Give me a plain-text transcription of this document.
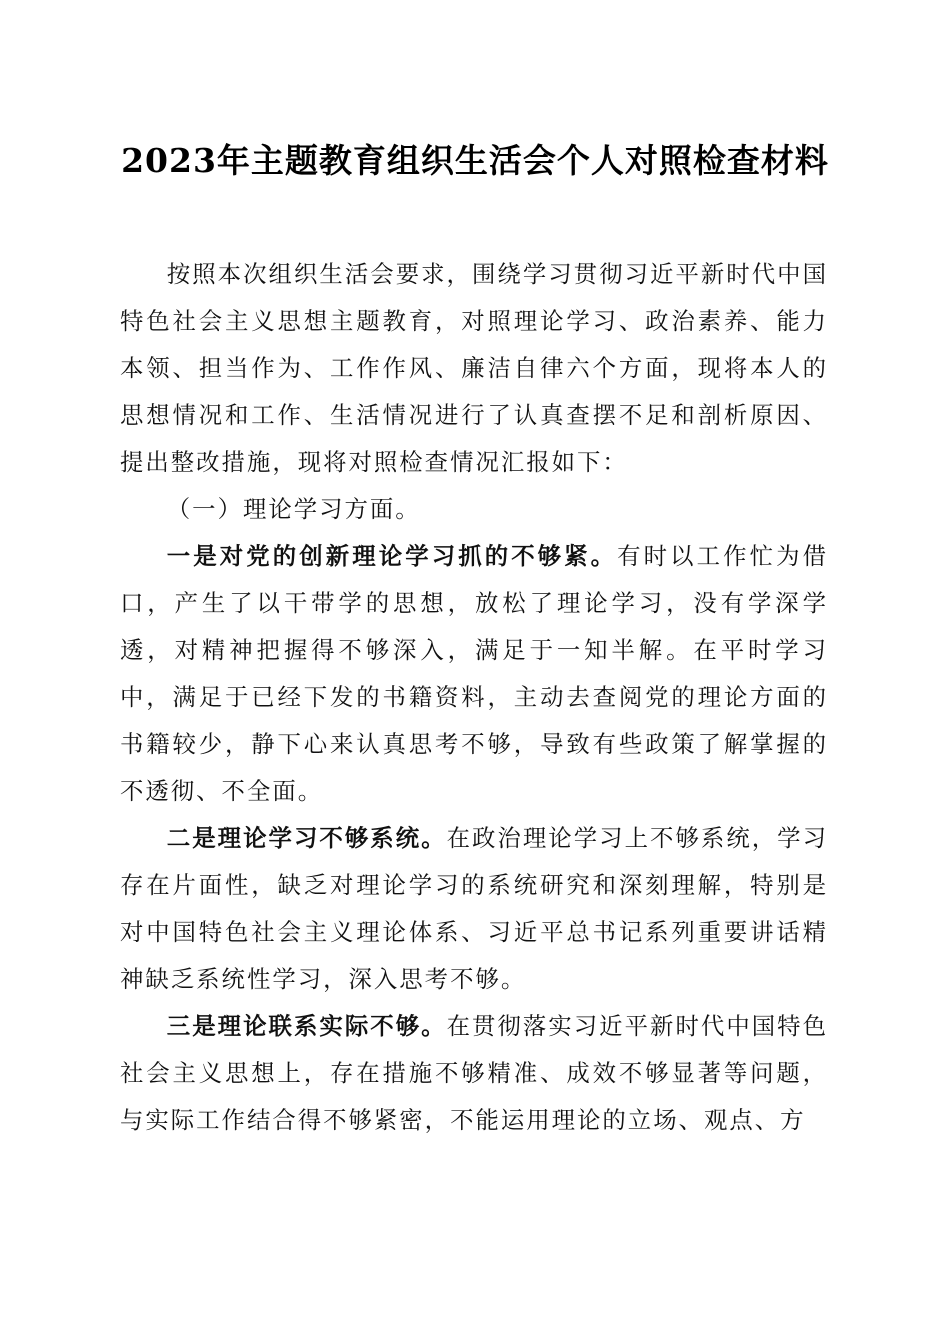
2023年主题教育组织生活会个人对照检查材料

按照本次组织生活会要求，围绕学习贯彻习近平新时代中国特色社会主义思想主题教育，对照理论学习、政治素养、能力本领、担当作为、工作作风、廉洁自律六个方面，现将本人的思想情况和工作、生活情况进行了认真查摆不足和剖析原因、提出整改措施，现将对照检查情况汇报如下：

（一）理论学习方面。

一是对党的创新理论学习抓的不够紧。有时以工作忙为借口，产生了以干带学的思想，放松了理论学习，没有学深学透，对精神把握得不够深入，满足于一知半解。在平时学习中，满足于已经下发的书籍资料，主动去查阅党的理论方面的书籍较少，静下心来认真思考不够，导致有些政策了解掌握的不透彻、不全面。

二是理论学习不够系统。在政治理论学习上不够系统，学习存在片面性，缺乏对理论学习的系统研究和深刻理解，特别是对中国特色社会主义理论体系、习近平总书记系列重要讲话精神缺乏系统性学习，深入思考不够。

三是理论联系实际不够。在贯彻落实习近平新时代中国特色社会主义思想上，存在措施不够精准、成效不够显著等问题，与实际工作结合得不够紧密，不能运用理论的立场、观点、方
